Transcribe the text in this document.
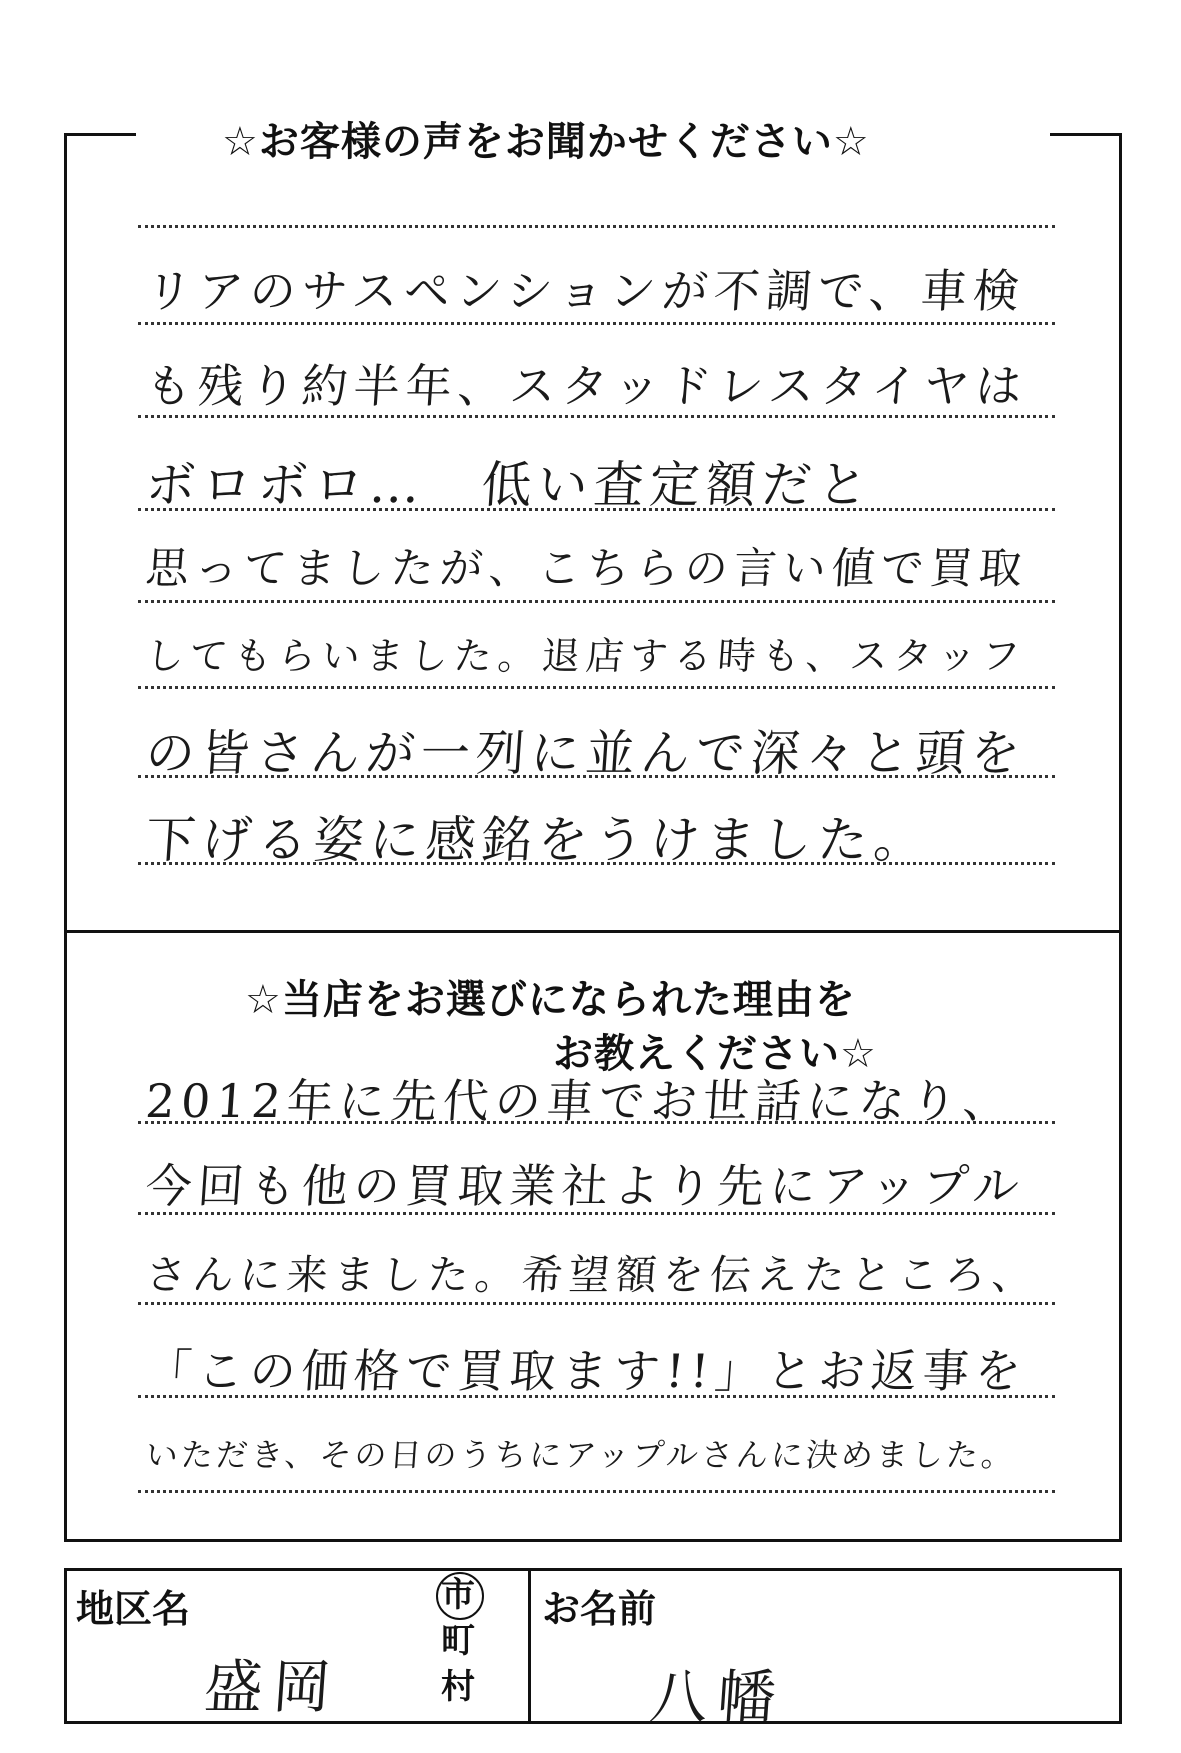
☆お客様の声をお聞かせください☆
リアのサスペンションが不調で、車検
も残り約半年、スタッドレスタイヤは
ボロボロ…　低い査定額だと
思ってましたが、こちらの言い値で買取
してもらいました。退店する時も、スタッフ
の皆さんが一列に並んで深々と頭を
下げる姿に感銘をうけました。
☆当店をお選びになられた理由を
お教えください☆
2012年に先代の車でお世話になり、
今回も他の買取業社より先にアップル
さんに来ました。希望額を伝えたところ、
「この価格で買取ます!!」とお返事を
いただき、その日のうちにアップルさんに決めました。
地区名
盛岡
市
町
村
お名前
八幡
